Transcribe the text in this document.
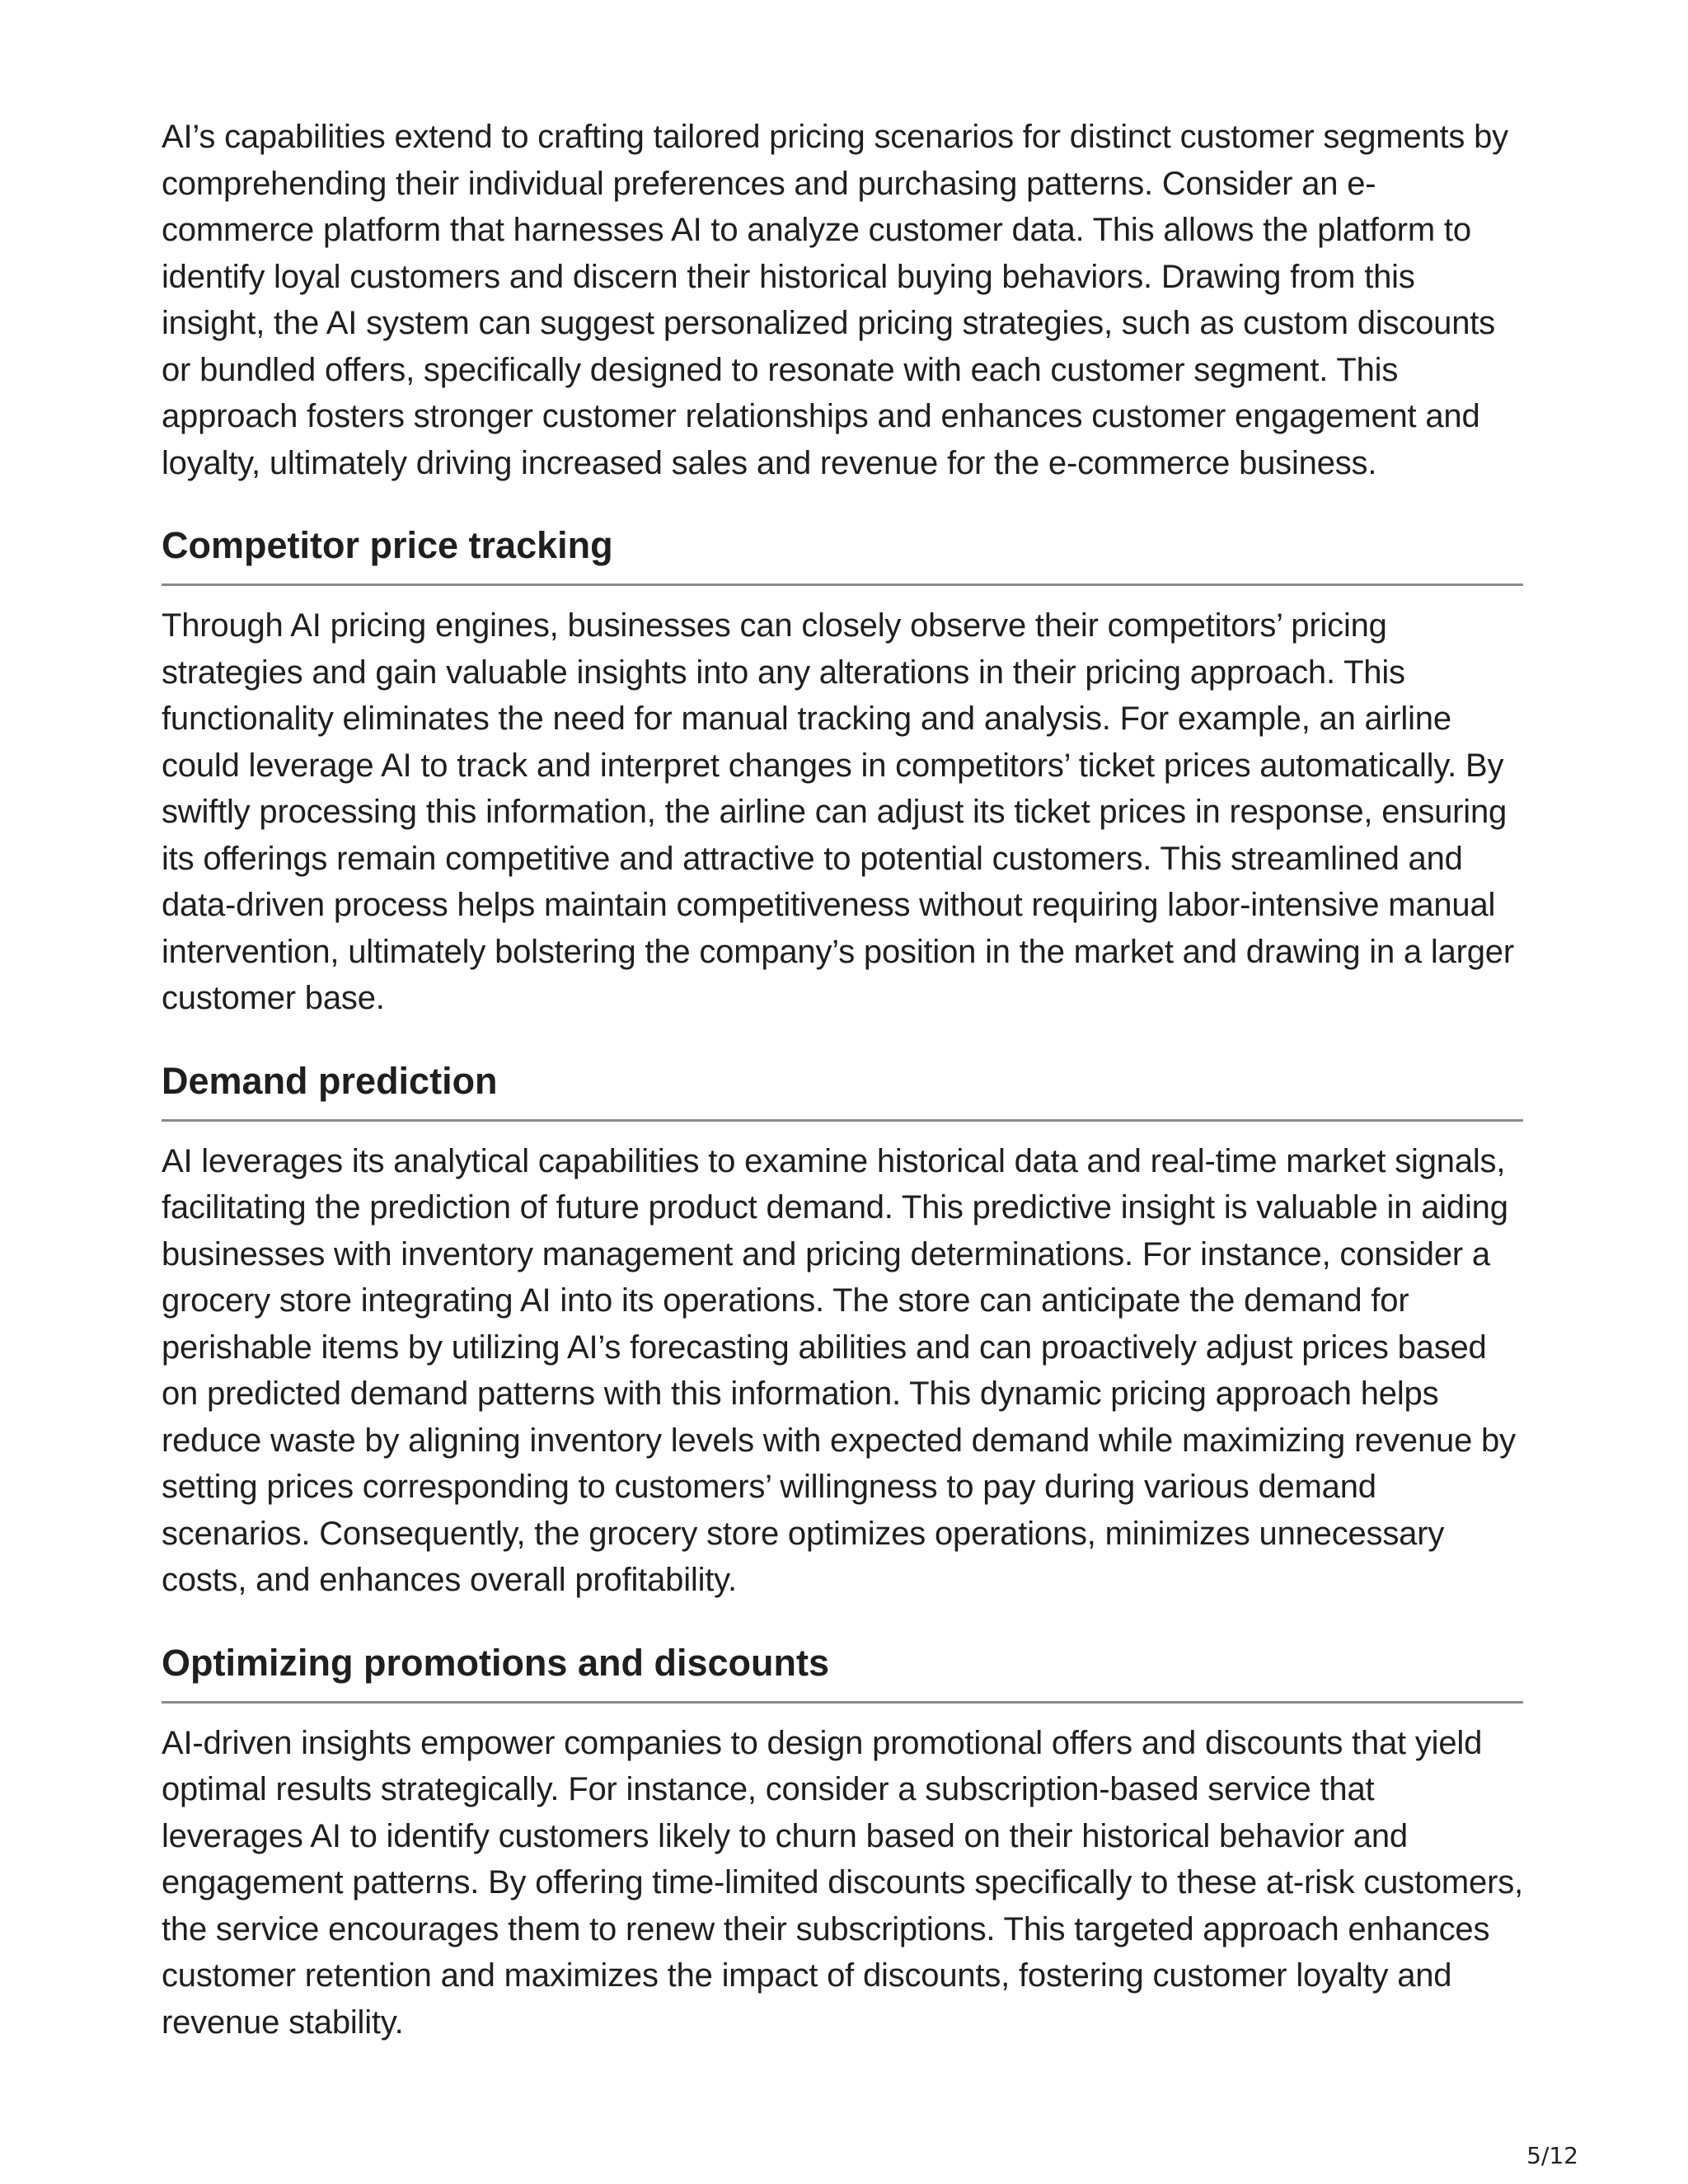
AI’s capabilities extend to crafting tailored pricing scenarios for distinct customer segments by comprehending their individual preferences and purchasing patterns. Consider an e-commerce platform that harnesses AI to analyze customer data. This allows the platform to identify loyal customers and discern their historical buying behaviors. Drawing from this insight, the AI system can suggest personalized pricing strategies, such as custom discounts or bundled offers, specifically designed to resonate with each customer segment. This approach fosters stronger customer relationships and enhances customer engagement and loyalty, ultimately driving increased sales and revenue for the e-commerce business.

Competitor price tracking

Through AI pricing engines, businesses can closely observe their competitors’ pricing strategies and gain valuable insights into any alterations in their pricing approach. This functionality eliminates the need for manual tracking and analysis. For example, an airline could leverage AI to track and interpret changes in competitors’ ticket prices automatically. By swiftly processing this information, the airline can adjust its ticket prices in response, ensuring its offerings remain competitive and attractive to potential customers. This streamlined and data-driven process helps maintain competitiveness without requiring labor-intensive manual intervention, ultimately bolstering the company’s position in the market and drawing in a larger customer base.

Demand prediction

AI leverages its analytical capabilities to examine historical data and real-time market signals, facilitating the prediction of future product demand. This predictive insight is valuable in aiding businesses with inventory management and pricing determinations. For instance, consider a grocery store integrating AI into its operations. The store can anticipate the demand for perishable items by utilizing AI’s forecasting abilities and can proactively adjust prices based on predicted demand patterns with this information. This dynamic pricing approach helps reduce waste by aligning inventory levels with expected demand while maximizing revenue by setting prices corresponding to customers’ willingness to pay during various demand scenarios. Consequently, the grocery store optimizes operations, minimizes unnecessary costs, and enhances overall profitability.

Optimizing promotions and discounts

AI-driven insights empower companies to design promotional offers and discounts that yield optimal results strategically. For instance, consider a subscription-based service that leverages AI to identify customers likely to churn based on their historical behavior and engagement patterns. By offering time-limited discounts specifically to these at-risk customers, the service encourages them to renew their subscriptions. This targeted approach enhances customer retention and maximizes the impact of discounts, fostering customer loyalty and revenue stability.

5/12
